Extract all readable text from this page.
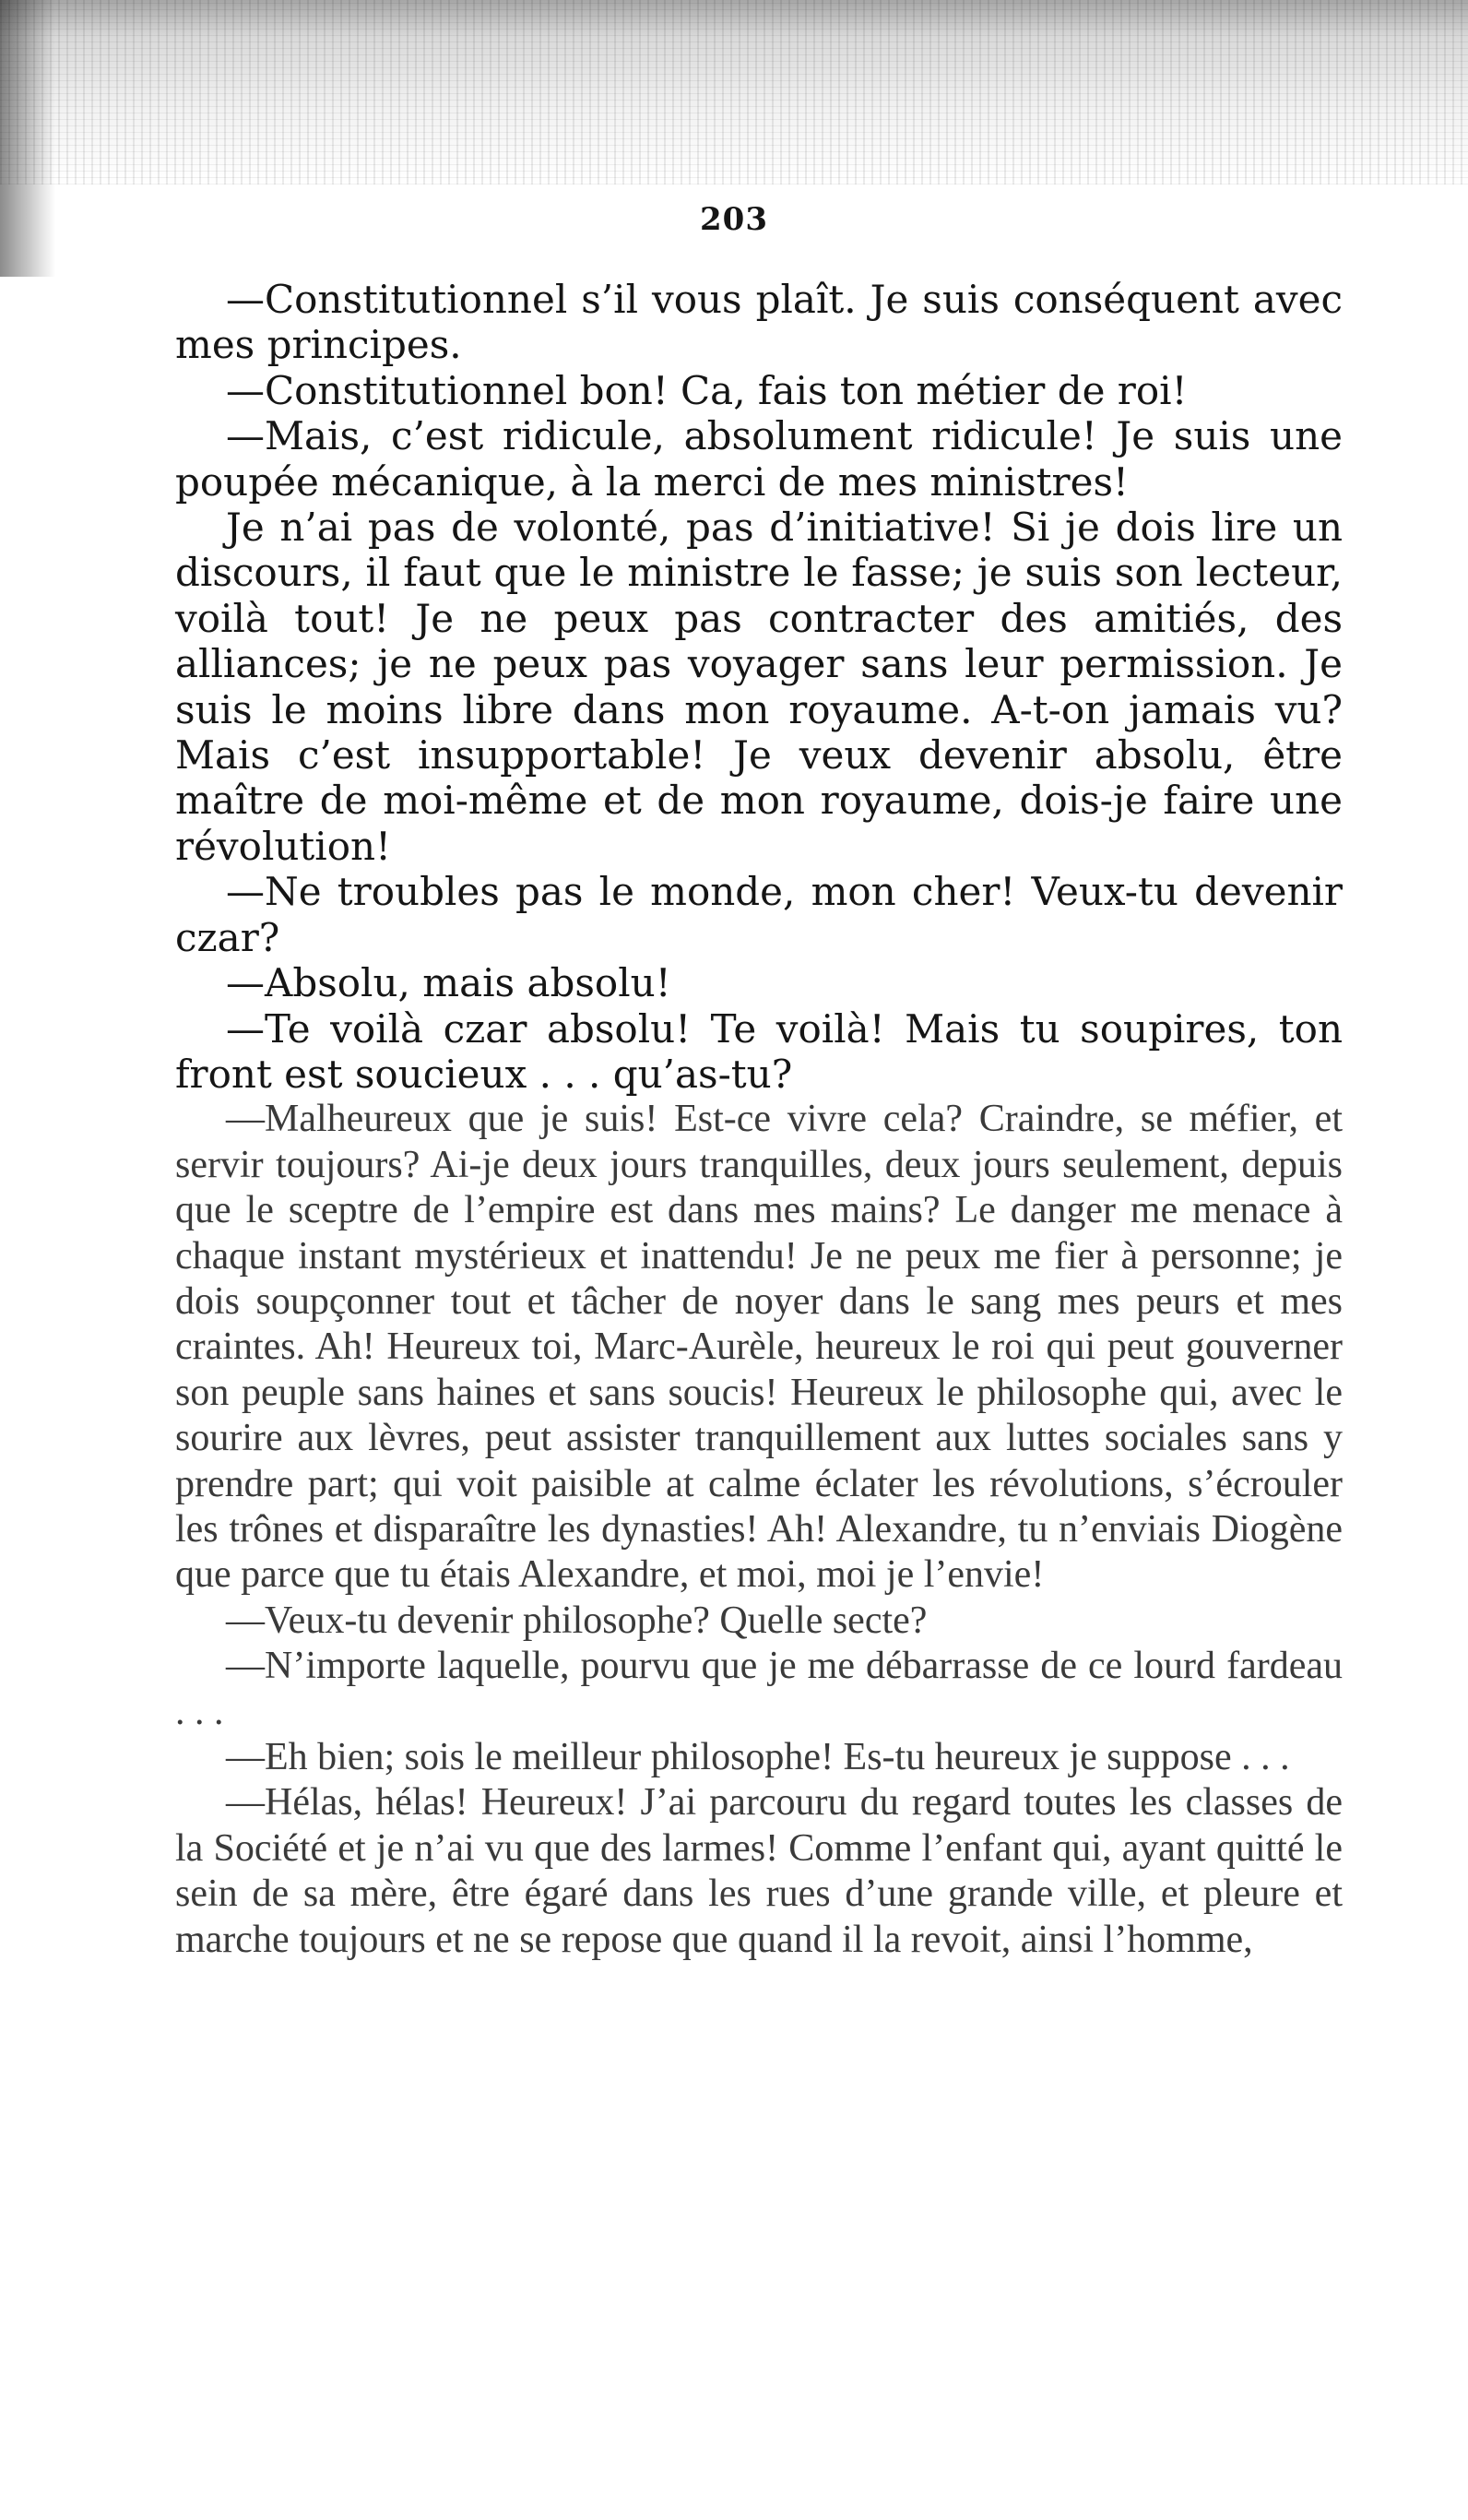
203

—Constitutionnel s’il vous plaît. Je suis conséquent avec mes principes.

—Constitutionnel bon! Ca, fais ton métier de roi!

—Mais, c’est ridicule, absolument ridicule! Je suis une poupée mécanique, à la merci de mes ministres!

Je n’ai pas de volonté, pas d’initiative! Si je dois lire un discours, il faut que le ministre le fasse; je suis son lecteur, voilà tout! Je ne peux pas contracter des amitiés, des alliances; je ne peux pas voyager sans leur permission. Je suis le moins libre dans mon royaume. A-t-on jamais vu? Mais c’est insupportable! Je veux devenir absolu, être maître de moi-même et de mon royaume, dois-je faire une révolution!

—Ne troubles pas le monde, mon cher! Veux-tu devenir czar?

—Absolu, mais absolu!

—Te voilà czar absolu! Te voilà! Mais tu soupires, ton front est soucieux . . . qu’as-tu?

—Malheureux que je suis! Est-ce vivre cela? Craindre, se méfier, et servir toujours? Ai-je deux jours tranquilles, deux jours seulement, depuis que le sceptre de l’empire est dans mes mains? Le danger me menace à chaque instant mystérieux et inattendu! Je ne peux me fier à personne; je dois soupçonner tout et tâcher de noyer dans le sang mes peurs et mes craintes. Ah! Heureux toi, Marc-Aurèle, heureux le roi qui peut gouverner son peuple sans haines et sans soucis! Heureux le philosophe qui, avec le sourire aux lèvres, peut assister tranquillement aux luttes sociales sans y prendre part; qui voit paisible at calme éclater les révolutions, s’écrouler les trônes et disparaître les dynasties! Ah! Alexandre, tu n’enviais Diogène que parce que tu étais Alexandre, et moi, moi je l’envie!

—Veux-tu devenir philosophe? Quelle secte?

—N’importe laquelle, pourvu que je me débarrasse de ce lourd fardeau . . .

—Eh bien; sois le meilleur philosophe! Es-tu heureux je suppose . . .

—Hélas, hélas! Heureux! J’ai parcouru du regard toutes les classes de la Société et je n’ai vu que des larmes! Comme l’enfant qui, ayant quitté le sein de sa mère, être égaré dans les rues d’une grande ville, et pleure et marche toujours et ne se repose que quand il la revoit, ainsi l’homme,
